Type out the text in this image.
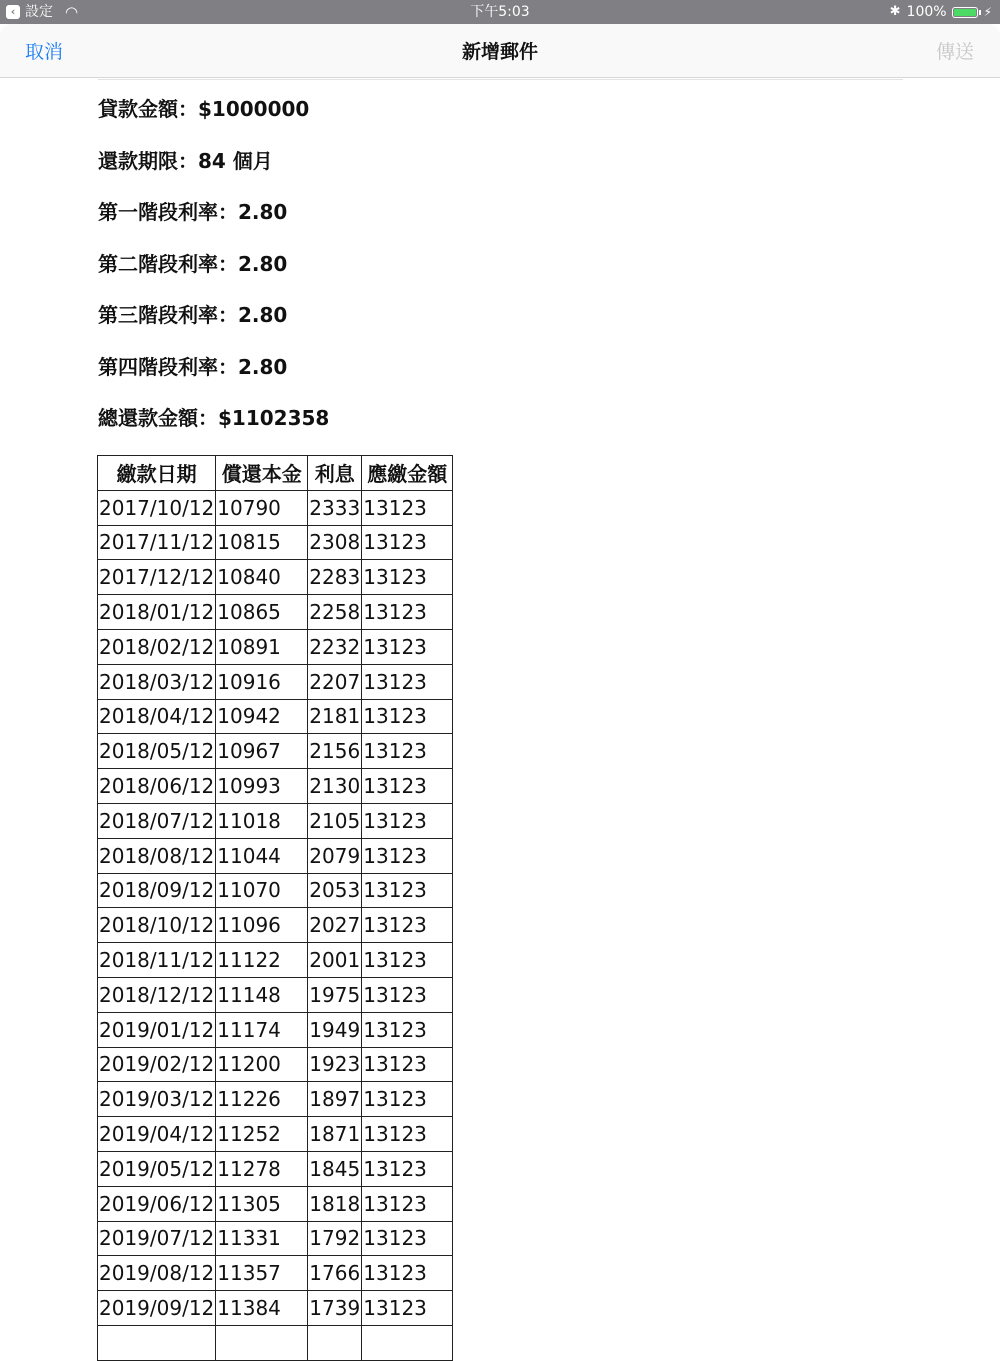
‹ 設定 ◠	下午5:03	✱ 100%	⚡
取消	新增郵件	傳送
貸款金額：$1000000
還款期限：84 個月
第一階段利率：2.80
第二階段利率：2.80
第三階段利率：2.80
第四階段利率：2.80
總還款金額：$1102358
繳款日期	償還本金	利息	應繳金額
2017/10/12	10790	2333	13123
2017/11/12	10815	2308	13123
2017/12/12	10840	2283	13123
2018/01/12	10865	2258	13123
2018/02/12	10891	2232	13123
2018/03/12	10916	2207	13123
2018/04/12	10942	2181	13123
2018/05/12	10967	2156	13123
2018/06/12	10993	2130	13123
2018/07/12	11018	2105	13123
2018/08/12	11044	2079	13123
2018/09/12	11070	2053	13123
2018/10/12	11096	2027	13123
2018/11/12	11122	2001	13123
2018/12/12	11148	1975	13123
2019/01/12	11174	1949	13123
2019/02/12	11200	1923	13123
2019/03/12	11226	1897	13123
2019/04/12	11252	1871	13123
2019/05/12	11278	1845	13123
2019/06/12	11305	1818	13123
2019/07/12	11331	1792	13123
2019/08/12	11357	1766	13123
2019/09/12	11384	1739	13123
